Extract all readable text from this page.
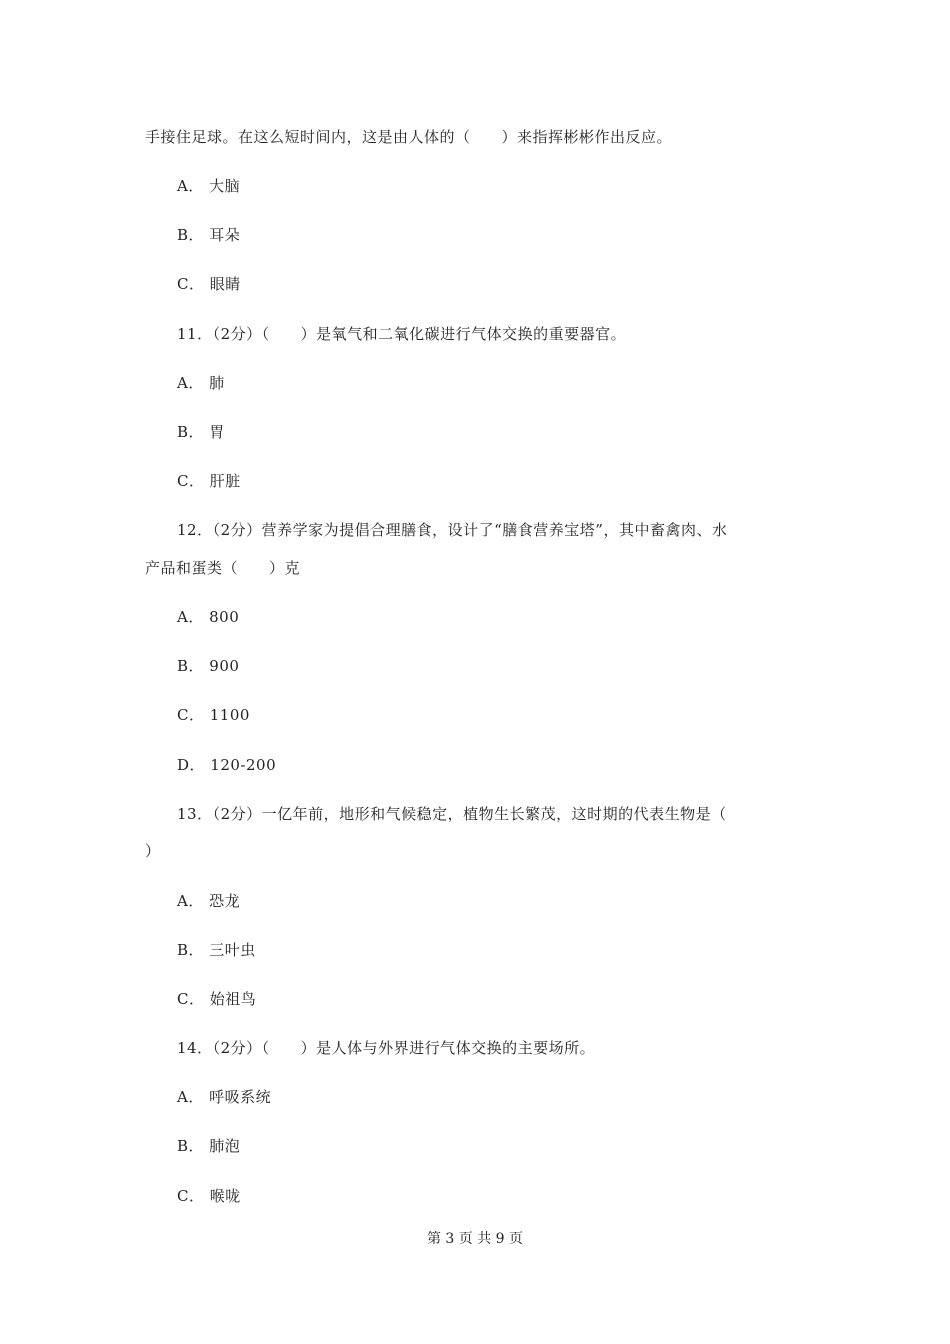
手接住足球。在这么短时间内，这是由人体的（　　）来指挥彬彬作出反应。
A． 大脑
B． 耳朵
C． 眼睛
11．（2分）（　　）是氧气和二氧化碳进行气体交换的重要器官。
A． 肺
B． 胃
C． 肝脏
12．（2分）营养学家为提倡合理膳食，设计了“膳食营养宝塔”，其中畜禽肉、水
产品和蛋类（　　）克
A． 800
B． 900
C． 1100
D． 120-200
13．（2分）一亿年前，地形和气候稳定，植物生长繁茂，这时期的代表生物是（
）
A． 恐龙
B． 三叶虫
C． 始祖鸟
14．（2分）（　　）是人体与外界进行气体交换的主要场所。
A． 呼吸系统
B． 肺泡
C． 喉咙
第 3 页 共 9 页
